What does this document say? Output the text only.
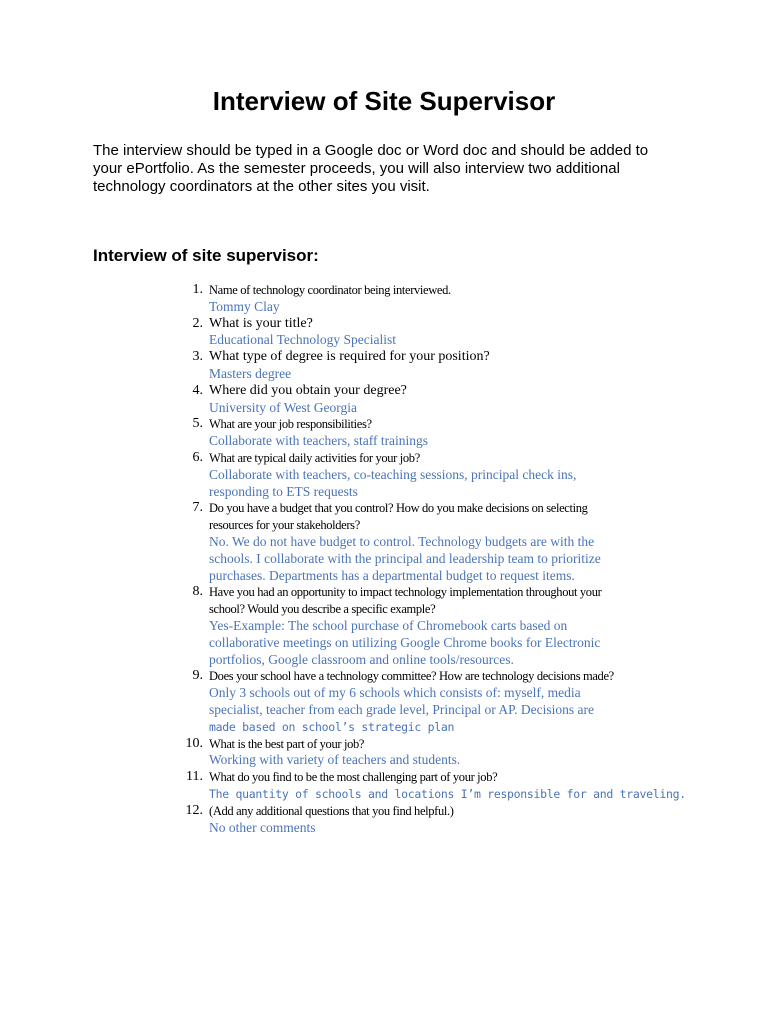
Interview of Site Supervisor

The interview should be typed in a Google doc or Word doc and should be added to
your ePortfolio. As the semester proceeds, you will also interview two additional
technology coordinators at the other sites you visit.

Interview of site supervisor:
1. Name of technology coordinator being interviewed.
Tommy Clay
2. What is your title?
Educational Technology Specialist
3. What type of degree is required for your position?
Masters degree
4. Where did you obtain your degree?
University of West Georgia
5. What are your job responsibilities?
Collaborate with teachers, staff trainings
6. What are typical daily activities for your job?
Collaborate with teachers, co-teaching sessions, principal check ins,
responding to ETS requests
7. Do you have a budget that you control? How do you make decisions on selecting
resources for your stakeholders?
No. We do not have budget to control. Technology budgets are with the
schools. I collaborate with the principal and leadership team to prioritize
purchases. Departments has a departmental budget to request items.
8. Have you had an opportunity to impact technology implementation throughout your
school? Would you describe a specific example?
Yes-Example: The school purchase of Chromebook carts based on
collaborative meetings on utilizing Google Chrome books for Electronic
portfolios, Google classroom and online tools/resources.
9. Does your school have a technology committee? How are technology decisions made?
Only 3 schools out of my 6 schools which consists of: myself, media
specialist, teacher from each grade level, Principal or AP. Decisions are
made based on school’s strategic plan
10. What is the best part of your job?
Working with variety of teachers and students.
11. What do you find to be the most challenging part of your job?
The quantity of schools and locations I’m responsible for and traveling.
12. (Add any additional questions that you find helpful.)
No other comments
